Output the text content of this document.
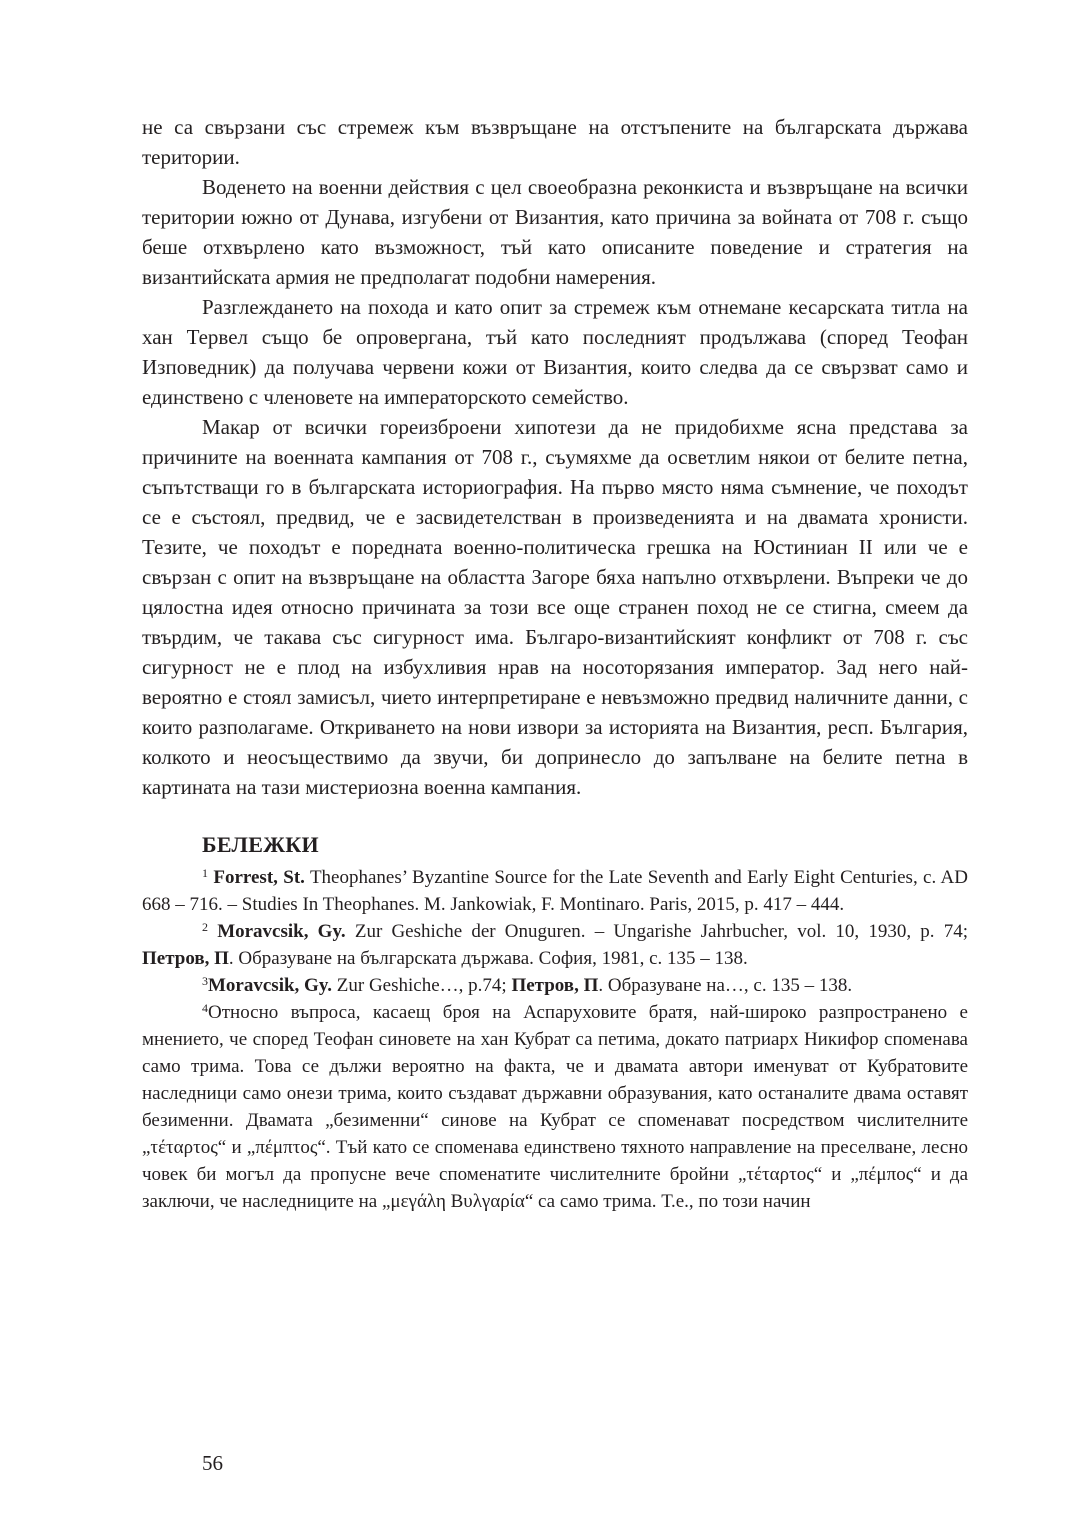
не са свързани със стремеж към възвръщане на отстъпените на българската държава територии.

Воденето на военни действия с цел своеобразна реконкиста и възвръщане на всички територии южно от Дунава, изгубени от Византия, като причина за войната от 708 г. също беше отхвърлено като възможност, тъй като описаните поведение и стратегия на византийската армия не предполагат подобни намерения.

Разглеждането на похода и като опит за стремеж към отнемане кесарската титла на хан Тервел също бе опровергана, тъй като последният продължава (според Теофан Изповедник) да получава червени кожи от Византия, които следва да се свързват само и единствено с членовете на императорското семейство.

Макар от всички гореизброени хипотези да не придобихме ясна представа за причините на военната кампания от 708 г., съумяхме да осветлим някои от белите петна, съпътстващи го в българската историография. На първо място няма съмнение, че походът се е състоял, предвид, че е засвидетелстван в произведенията и на двамата хронисти. Тезите, че походът е поредната военно-политическа грешка на Юстиниан II или че е свързан с опит на възвръщане на областта Загоре бяха напълно отхвърлени. Въпреки че до цялостна идея относно причината за този все още странен поход не се стигна, смеем да твърдим, че такава със сигурност има. Българо-византийският конфликт от 708 г. със сигурност не е плод на избухливия нрав на носоторязания император. Зад него най-вероятно е стоял замисъл, чието интерпретиране е невъзможно предвид наличните данни, с които разполагаме. Откриването на нови извори за историята на Византия, респ. България, колкото и неосъществимо да звучи, би допринесло до запълване на белите петна в картината на тази мистериозна военна кампания.

БЕЛЕЖКИ

$^1$ Forrest, St. Theophanes’ Byzantine Source for the Late Seventh and Early Eight Centuries, c. AD 668 – 716. – Studies In Theophanes. M. Jankowiak, F. Montinaro. Paris, 2015, p. 417 – 444.

$^2$ Moravcsik, Gy. Zur Geshiche der Onuguren. – Ungarishe Jahrbucher, vol. 10, 1930, p. 74; Петров, П. Образуване на българската държава. София, 1981, с. 135 – 138.

$^3$Moravcsik, Gy. Zur Geshiche…, p.74; Петров, П. Образуване на…, с. 135 – 138.

$^4$Относно въпроса, касаещ броя на Аспаруховите братя, най-широко разпространено е мнението, че според Теофан синовете на хан Кубрат са петима, докато патриарх Никифор споменава само трима. Това се дължи вероятно на факта, че и двамата автори именуват от Кубратовите наследници само онези трима, които създават държавни образувания, като останалите двама оставят безименни. Двамата „безименни“ синове на Кубрат се споменават посредством числителните „τέταρτος“ и „πέμπτος“. Тъй като се споменава единствено тяхното направление на преселване, лесно човек би могъл да пропусне вече споменатите числителните бройни „τέταρτος“ и „πέμπος“ и да заключи, че наследниците на „μεγάλη Βυλγαρία“ са само трима. Т.е., по този начин

56
